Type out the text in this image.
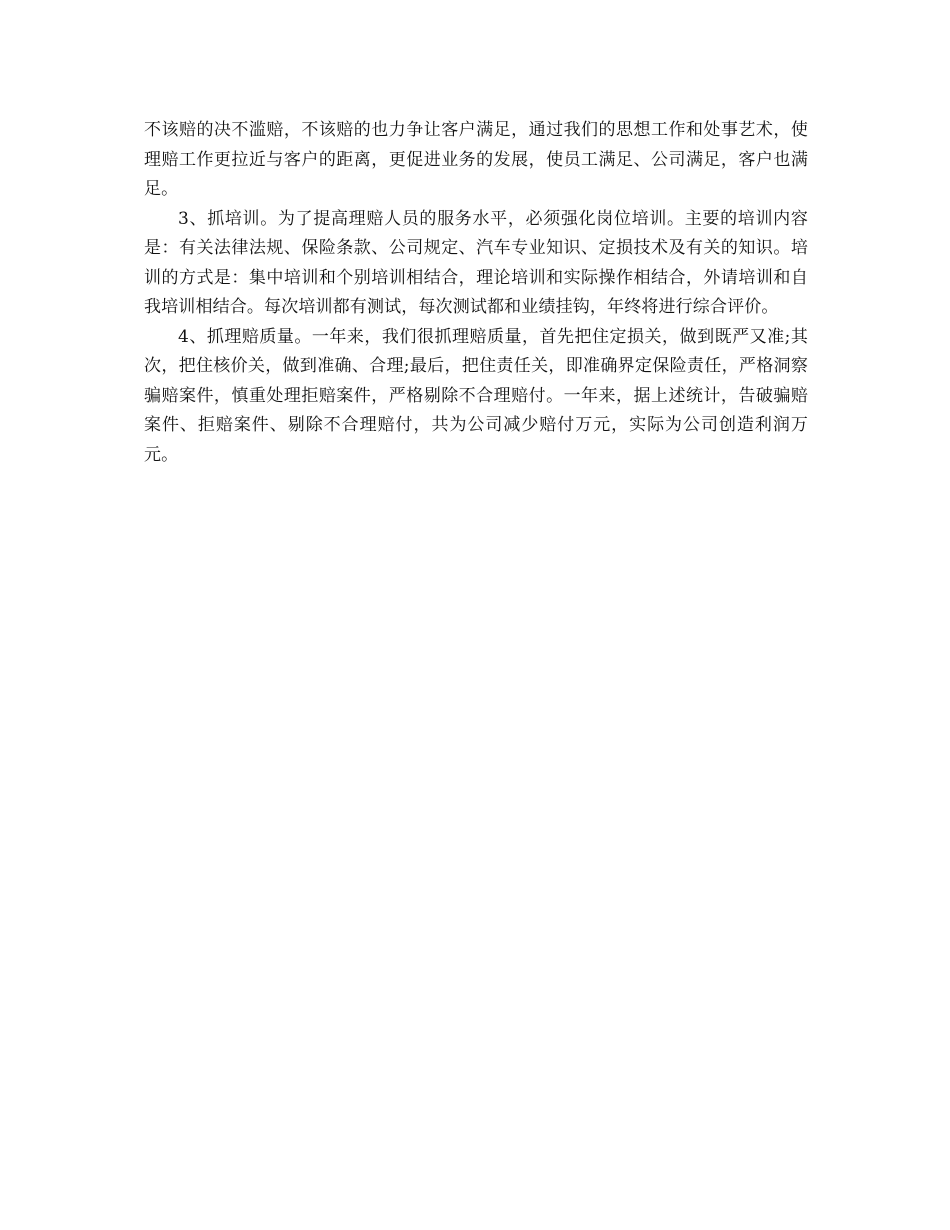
不该赔的决不滥赔，不该赔的也力争让客户满足，通过我们的思想工作和处事艺术，使理赔工作更拉近与客户的距离，更促进业务的发展，使员工满足、公司满足，客户也满足。

3、抓培训。为了提高理赔人员的服务水平，必须强化岗位培训。主要的培训内容是：有关法律法规、保险条款、公司规定、汽车专业知识、定损技术及有关的知识。培训的方式是：集中培训和个别培训相结合，理论培训和实际操作相结合，外请培训和自我培训相结合。每次培训都有测试，每次测试都和业绩挂钩，年终将进行综合评价。

4、抓理赔质量。一年来，我们很抓理赔质量，首先把住定损关，做到既严又准;其次，把住核价关，做到准确、合理;最后，把住责任关，即准确界定保险责任，严格洞察骗赔案件，慎重处理拒赔案件，严格剔除不合理赔付。一年来，据上述统计，告破骗赔案件、拒赔案件、剔除不合理赔付，共为公司减少赔付万元，实际为公司创造利润万元。
